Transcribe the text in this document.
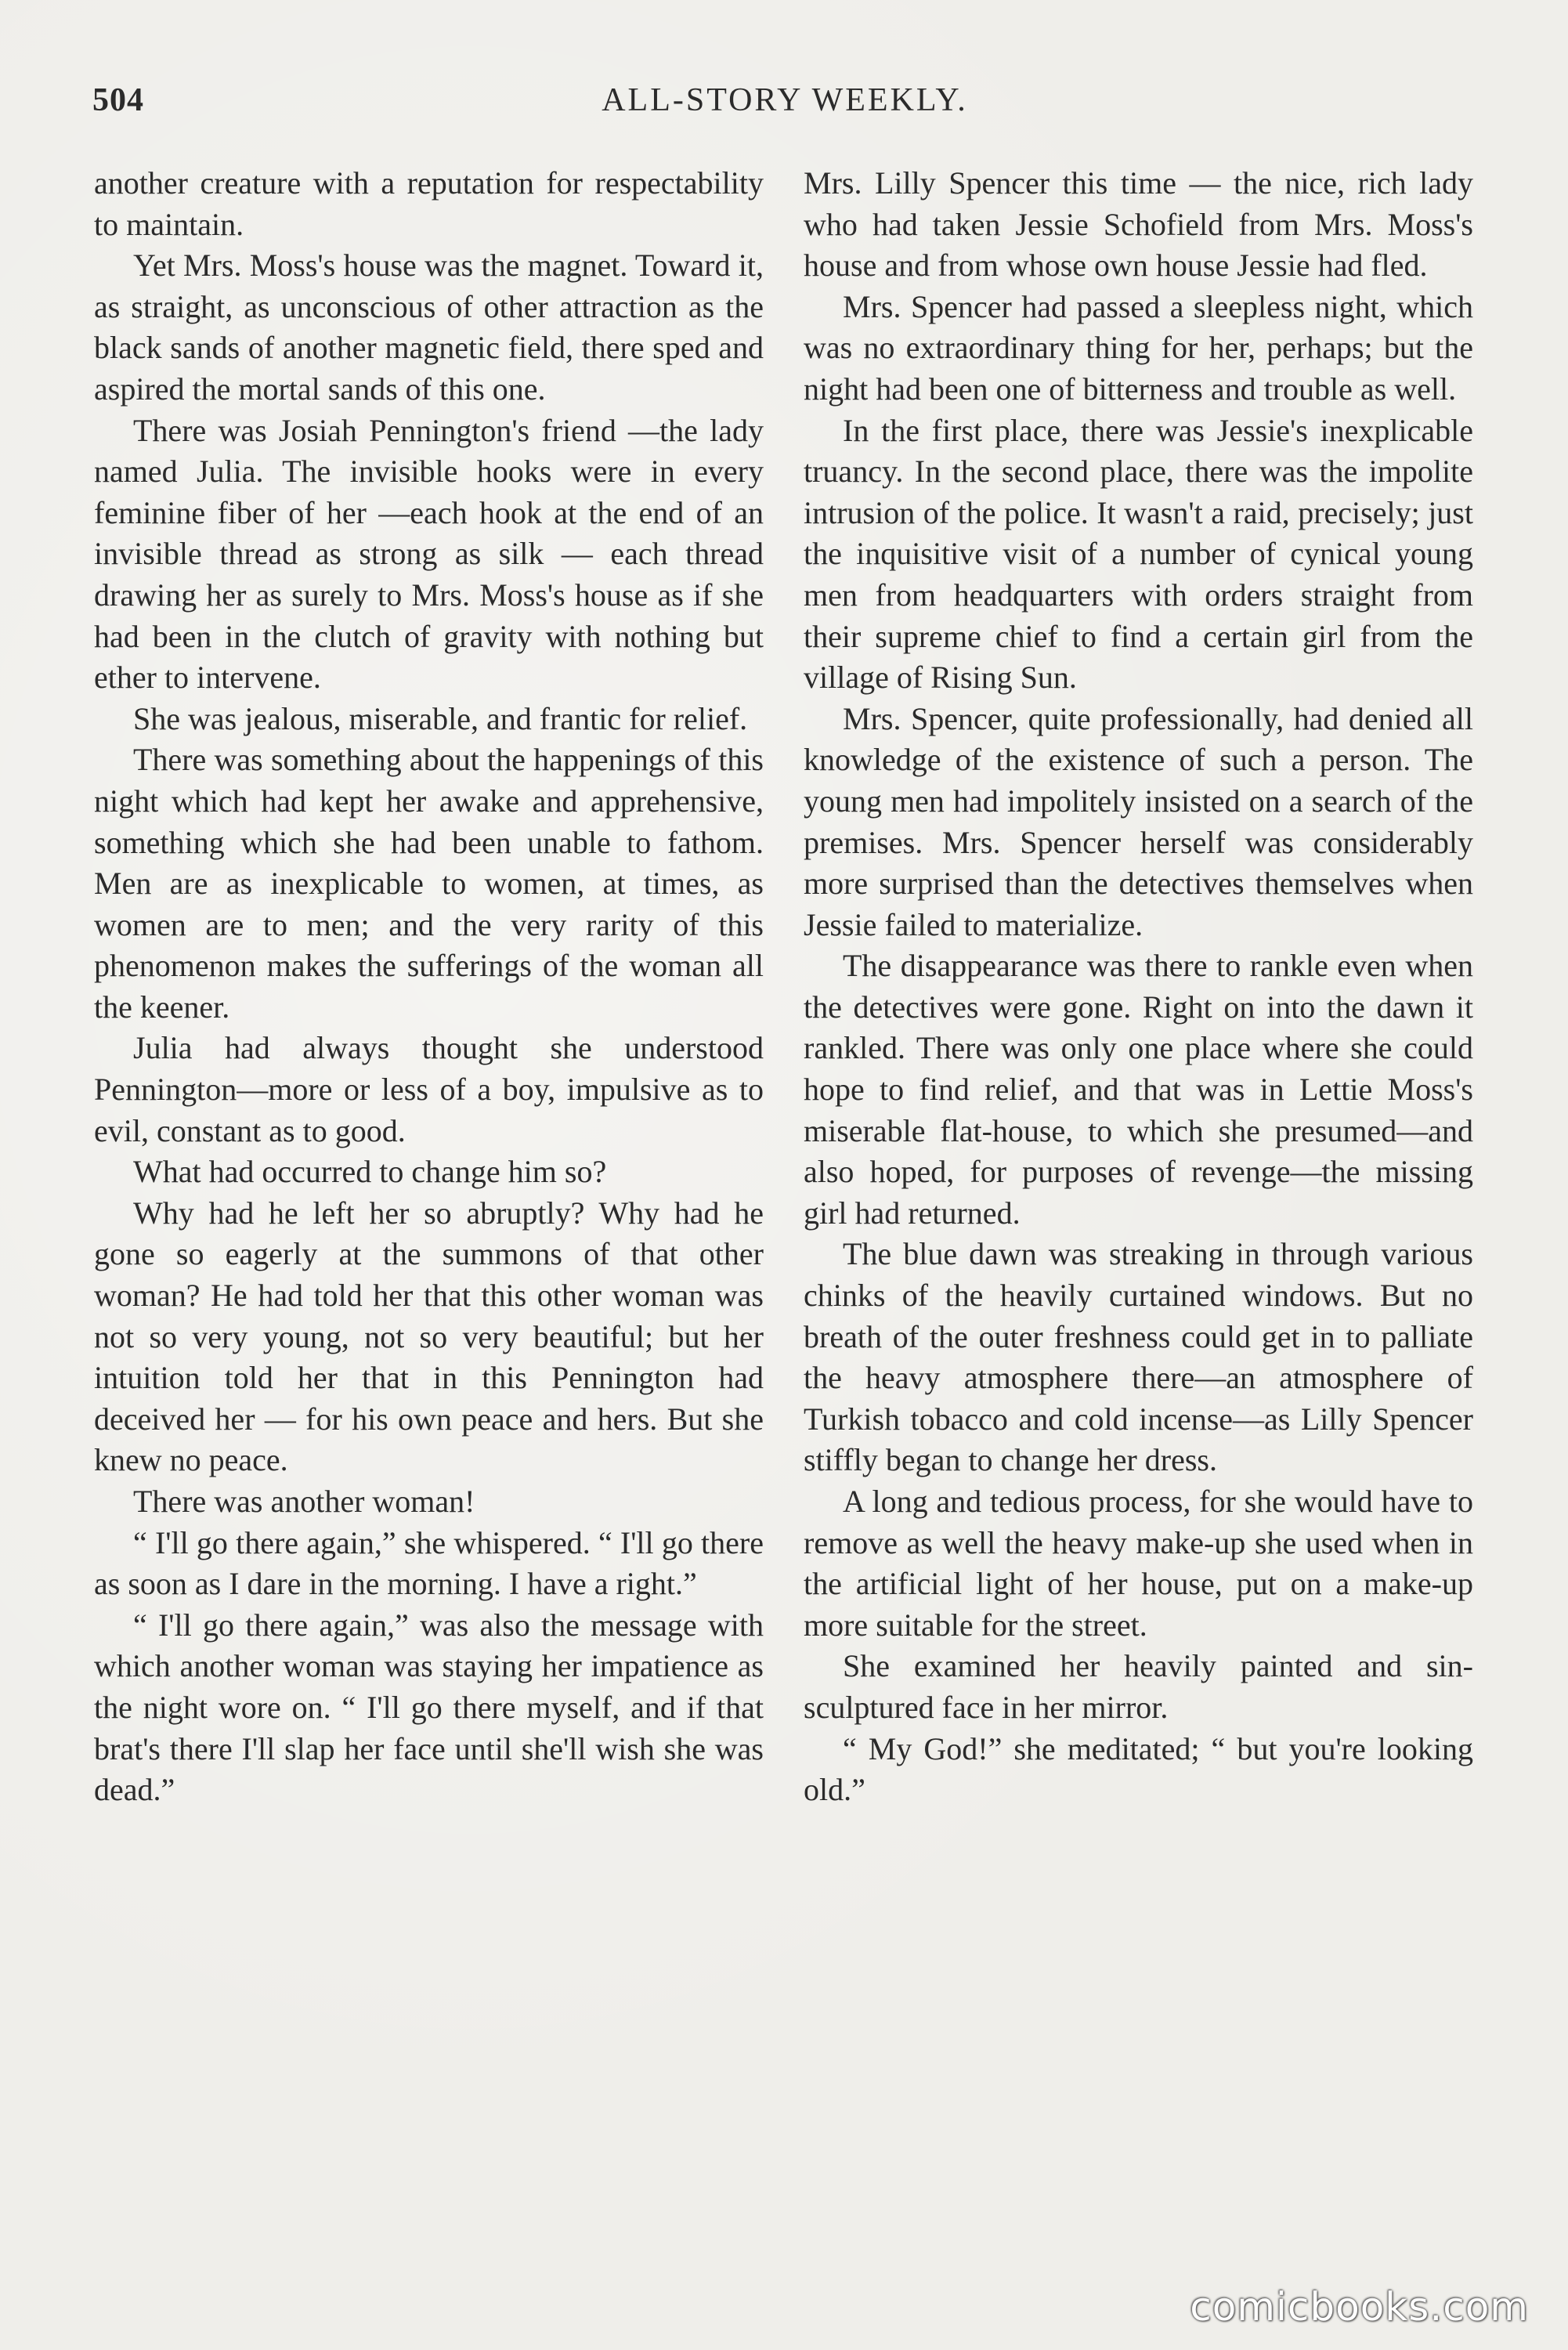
504	ALL-STORY WEEKLY.

another creature with a reputation for respectability to maintain.

Yet Mrs. Moss's house was the magnet. Toward it, as straight, as unconscious of other attraction as the black sands of another magnetic field, there sped and aspired the mortal sands of this one.

There was Josiah Pennington's friend —the lady named Julia. The invisible hooks were in every feminine fiber of her —each hook at the end of an invisible thread as strong as silk — each thread drawing her as surely to Mrs. Moss's house as if she had been in the clutch of gravity with nothing but ether to intervene.

She was jealous, miserable, and frantic for relief.

There was something about the happenings of this night which had kept her awake and apprehensive, something which she had been unable to fathom. Men are as inexplicable to women, at times, as women are to men; and the very rarity of this phenomenon makes the sufferings of the woman all the keener.

Julia had always thought she understood Pennington—more or less of a boy, impulsive as to evil, constant as to good.

What had occurred to change him so?

Why had he left her so abruptly? Why had he gone so eagerly at the summons of that other woman? He had told her that this other woman was not so very young, not so very beautiful; but her intuition told her that in this Pennington had deceived her — for his own peace and hers. But she knew no peace.

There was another woman!

“ I'll go there again,” she whispered. “ I'll go there as soon as I dare in the morning. I have a right.”

“ I'll go there again,” was also the message with which another woman was staying her impatience as the night wore on. “ I'll go there myself, and if that brat's there I'll slap her face until she'll wish she was dead.”

Mrs. Lilly Spencer this time — the nice, rich lady who had taken Jessie Schofield from Mrs. Moss's house and from whose own house Jessie had fled.

Mrs. Spencer had passed a sleepless night, which was no extraordinary thing for her, perhaps; but the night had been one of bitterness and trouble as well.

In the first place, there was Jessie's inexplicable truancy. In the second place, there was the impolite intrusion of the police. It wasn't a raid, precisely; just the inquisitive visit of a number of cynical young men from headquarters with orders straight from their supreme chief to find a certain girl from the village of Rising Sun.

Mrs. Spencer, quite professionally, had denied all knowledge of the existence of such a person. The young men had impolitely insisted on a search of the premises. Mrs. Spencer herself was considerably more surprised than the detectives themselves when Jessie failed to materialize.

The disappearance was there to rankle even when the detectives were gone. Right on into the dawn it rankled. There was only one place where she could hope to find relief, and that was in Lettie Moss's miserable flat-house, to which she presumed—and also hoped, for purposes of revenge—the missing girl had returned.

The blue dawn was streaking in through various chinks of the heavily curtained windows. But no breath of the outer freshness could get in to palliate the heavy atmosphere there—an atmosphere of Turkish tobacco and cold incense—as Lilly Spencer stiffly began to change her dress.

A long and tedious process, for she would have to remove as well the heavy make-up she used when in the artificial light of her house, put on a make-up more suitable for the street.

She examined her heavily painted and sin-sculptured face in her mirror.

“ My God!” she meditated; “ but you're looking old.”

comicbooks.com
